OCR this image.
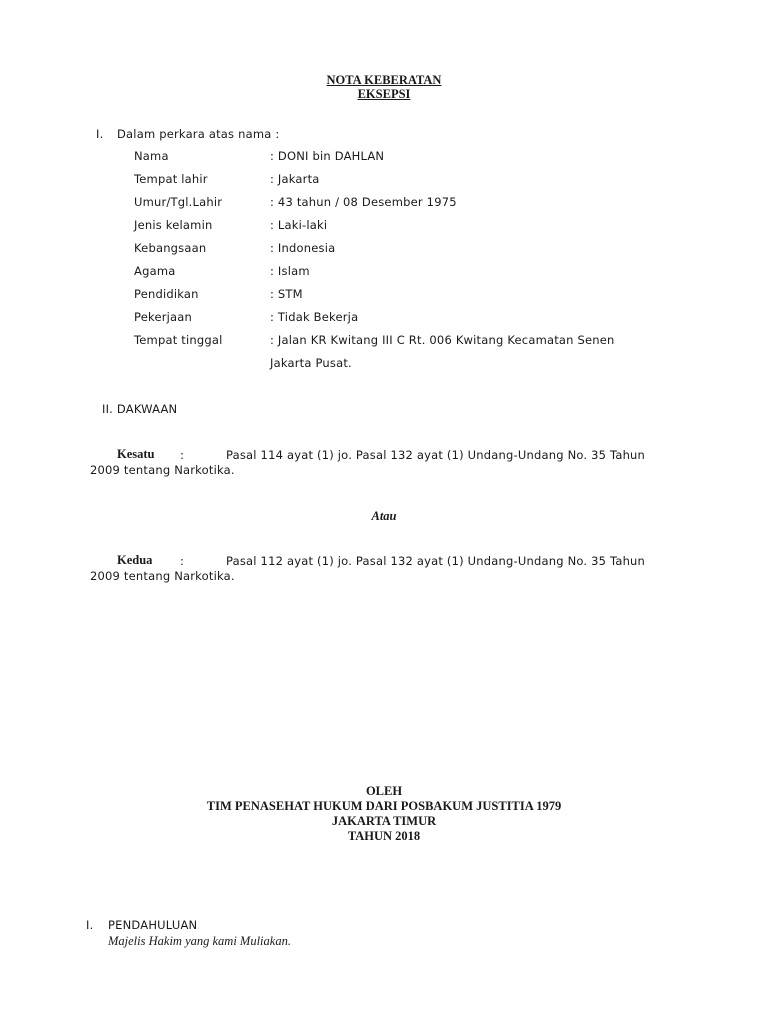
NOTA KEBERATAN
EKSEPSI
I. Dalam perkara atas nama :
Nama	: DONI bin DAHLAN
Tempat lahir	: Jakarta
Umur/Tgl.Lahir	: 43 tahun / 08 Desember 1975
Jenis kelamin	: Laki-laki
Kebangsaan	: Indonesia
Agama	: Islam
Pendidikan	: STM
Pekerjaan	: Tidak Bekerja
Tempat tinggal	: Jalan KR Kwitang III C Rt. 006 Kwitang Kecamatan Senen
Jakarta Pusat.
II. DAKWAAN
Kesatu :	Pasal 114 ayat (1) jo. Pasal 132 ayat (1) Undang-Undang No. 35 Tahun
2009 tentang Narkotika.
Atau
Kedua :	Pasal 112 ayat (1) jo. Pasal 132 ayat (1) Undang-Undang No. 35 Tahun
2009 tentang Narkotika.
OLEH
TIM PENASEHAT HUKUM DARI POSBAKUM JUSTITIA 1979
JAKARTA TIMUR
TAHUN 2018
I. PENDAHULUAN
Majelis Hakim yang kami Muliakan.
